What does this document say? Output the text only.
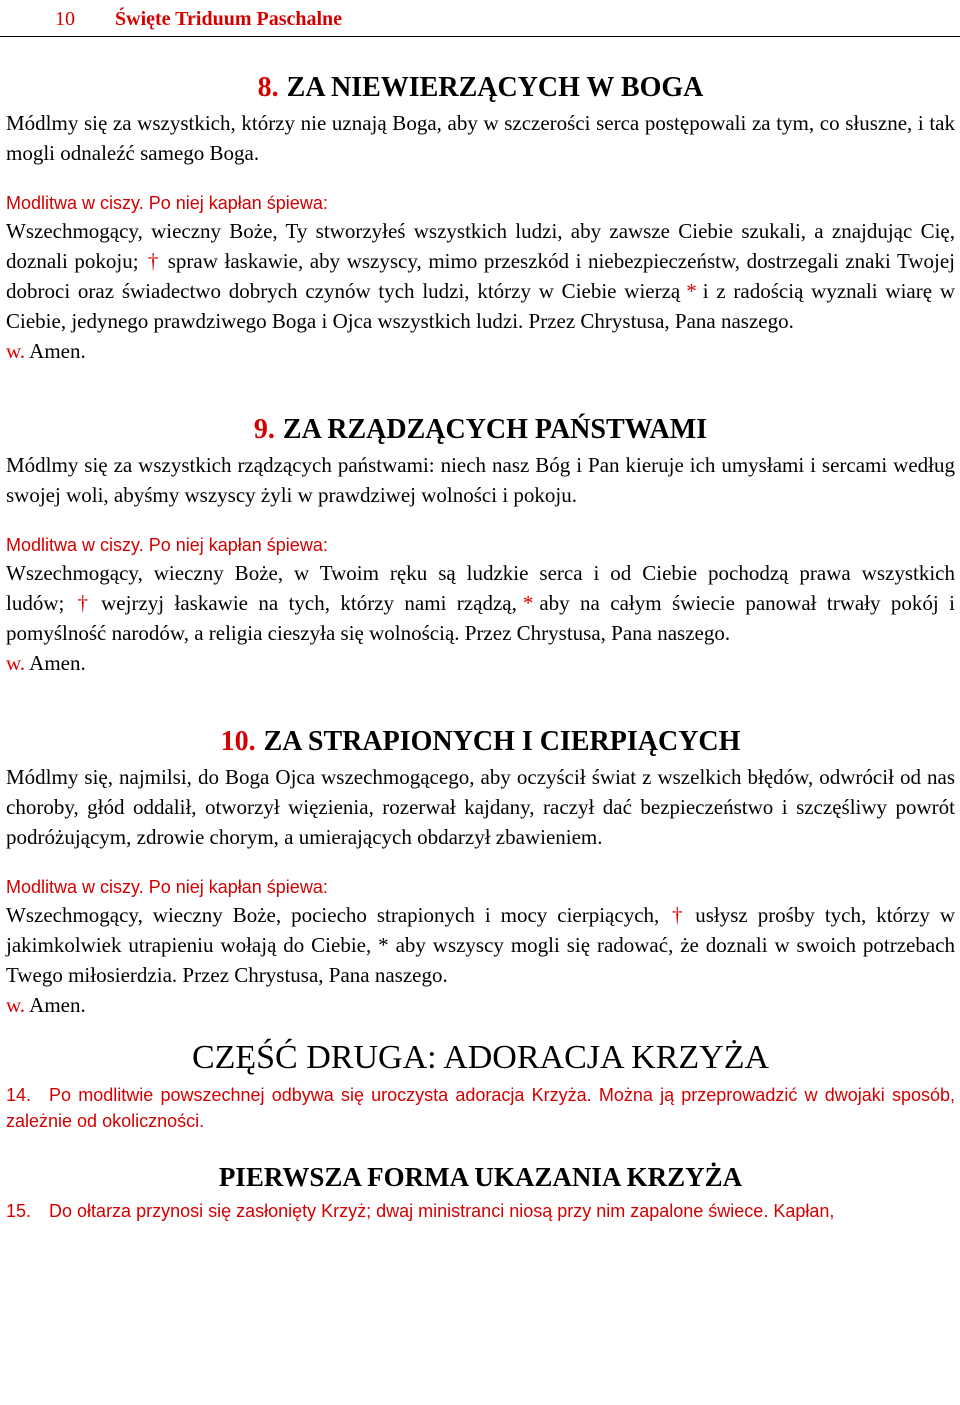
10 Święte Triduum Paschalne
8. ZA NIEWIERZĄCYCH W BOGA

Módlmy się za wszystkich, którzy nie uznają Boga, aby w szczerości serca postępowali za tym, co słuszne, i tak mogli odnaleźć samego Boga.

Modlitwa w ciszy. Po niej kapłan śpiewa:

Wszechmogący, wieczny Boże, Ty stworzyłeś wszystkich ludzi, aby zawsze Ciebie szukali, a znajdując Cię, doznali pokoju; † spraw łaskawie, aby wszyscy, mimo przeszkód i niebezpieczeństw, dostrzegali znaki Twojej dobroci oraz świadectwo dobrych czynów tych ludzi, którzy w Ciebie wierzą * i z radością wyznali wiarę w Ciebie, jedynego prawdziwego Boga i Ojca wszystkich ludzi. Przez Chrystusa, Pana naszego.

w. Amen.

9. ZA RZĄDZĄCYCH PAŃSTWAMI

Módlmy się za wszystkich rządzących państwami: niech nasz Bóg i Pan kieruje ich umysłami i sercami według swojej woli, abyśmy wszyscy żyli w prawdziwej wolności i pokoju.

Modlitwa w ciszy. Po niej kapłan śpiewa:

Wszechmogący, wieczny Boże, w Twoim ręku są ludzkie serca i od Ciebie pochodzą prawa wszystkich ludów; † wejrzyj łaskawie na tych, którzy nami rządzą, * aby na całym świecie panował trwały pokój i pomyślność narodów, a religia cieszyła się wolnością. Przez Chrystusa, Pana naszego.

w. Amen.

10. ZA STRAPIONYCH I CIERPIĄCYCH

Módlmy się, najmilsi, do Boga Ojca wszechmogącego, aby oczyścił świat z wszelkich błędów, odwrócił od nas choroby, głód oddalił, otworzył więzienia, rozerwał kajdany, raczył dać bezpieczeństwo i szczęśliwy powrót podróżującym, zdrowie chorym, a umierających obdarzył zbawieniem.

Modlitwa w ciszy. Po niej kapłan śpiewa:

Wszechmogący, wieczny Boże, pociecho strapionych i mocy cierpiących, † usłysz prośby tych, którzy w jakimkolwiek utrapieniu wołają do Ciebie, * aby wszyscy mogli się radować, że doznali w swoich potrzebach Twego miłosierdzia. Przez Chrystusa, Pana naszego.

w. Amen.

CZĘŚĆ DRUGA: ADORACJA KRZYŻA

14. Po modlitwie powszechnej odbywa się uroczysta adoracja Krzyża. Można ją przeprowadzić w dwojaki sposób, zależnie od okoliczności.

PIERWSZA FORMA UKAZANIA KRZYŻA

15. Do ołtarza przynosi się zasłonięty Krzyż; dwaj ministranci niosą przy nim zapalone świece. Kapłan,
